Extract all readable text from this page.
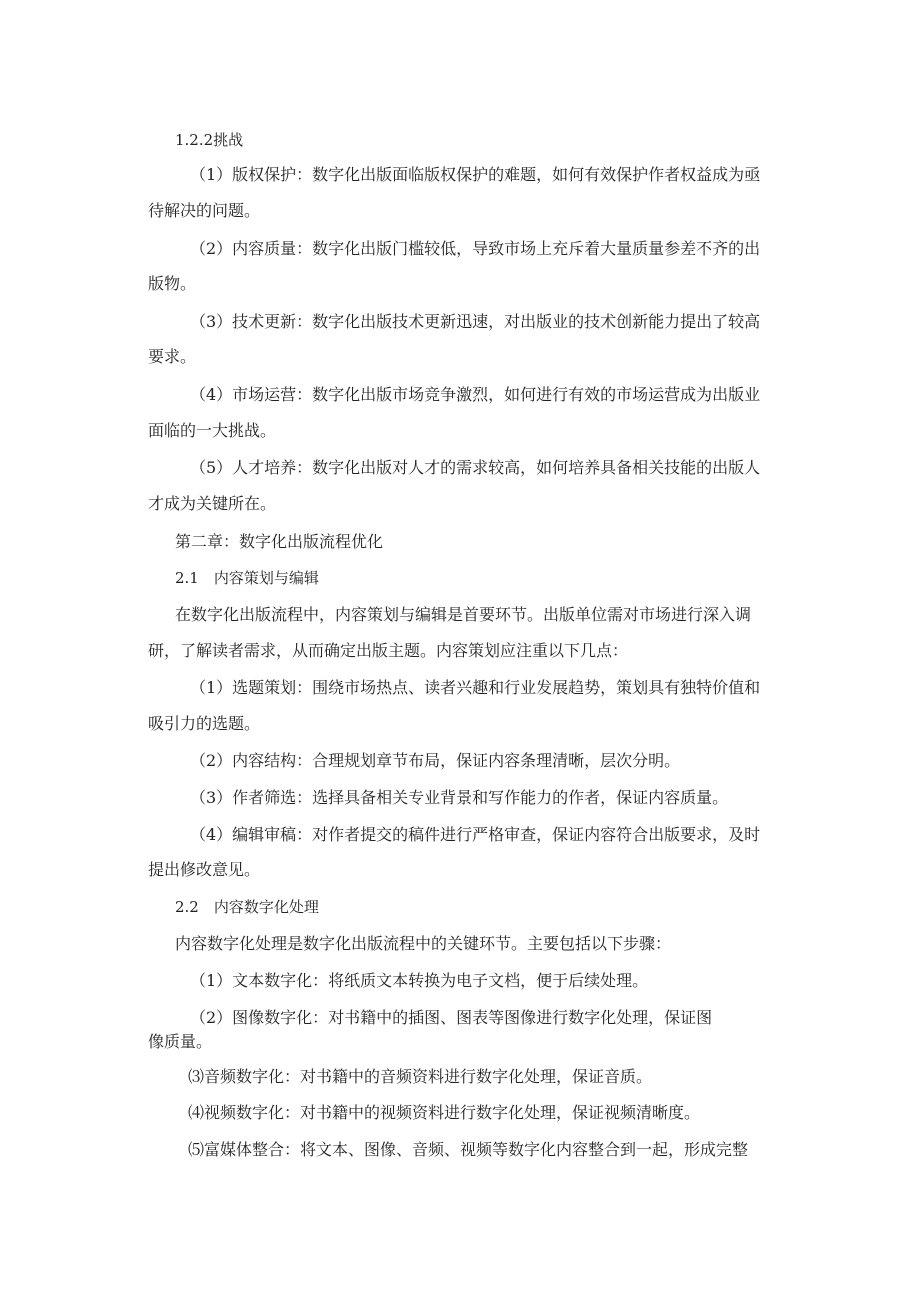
1.2.2挑战

（1）版权保护：数字化出版面临版权保护的难题，如何有效保护作者权益成为亟

待解决的问题。

（2）内容质量：数字化出版门槛较低，导致市场上充斥着大量质量参差不齐的出

版物。

（3）技术更新：数字化出版技术更新迅速，对出版业的技术创新能力提出了较高

要求。

（4）市场运营：数字化出版市场竞争激烈，如何进行有效的市场运营成为出版业

面临的一大挑战。

（5）人才培养：数字化出版对人才的需求较高，如何培养具备相关技能的出版人

才成为关键所在。

第二章：数字化出版流程优化

2.1　内容策划与编辑

在数字化出版流程中，内容策划与编辑是首要环节。出版单位需对市场进行深入调

研，了解读者需求，从而确定出版主题。内容策划应注重以下几点：

（1）选题策划：围绕市场热点、读者兴趣和行业发展趋势，策划具有独特价值和

吸引力的选题。

（2）内容结构：合理规划章节布局，保证内容条理清晰，层次分明。

（3）作者筛选：选择具备相关专业背景和写作能力的作者，保证内容质量。

（4）编辑审稿：对作者提交的稿件进行严格审查，保证内容符合出版要求，及时

提出修改意见。

2.2　内容数字化处理

内容数字化处理是数字化出版流程中的关键环节。主要包括以下步骤：

（1）文本数字化：将纸质文本转换为电子文档，便于后续处理。

（2）图像数字化：对书籍中的插图、图表等图像进行数字化处理，保证图

像质量。

⑶音频数字化：对书籍中的音频资料进行数字化处理，保证音质。

⑷视频数字化：对书籍中的视频资料进行数字化处理，保证视频清晰度。

⑸富媒体整合：将文本、图像、音频、视频等数字化内容整合到一起，形成完整
